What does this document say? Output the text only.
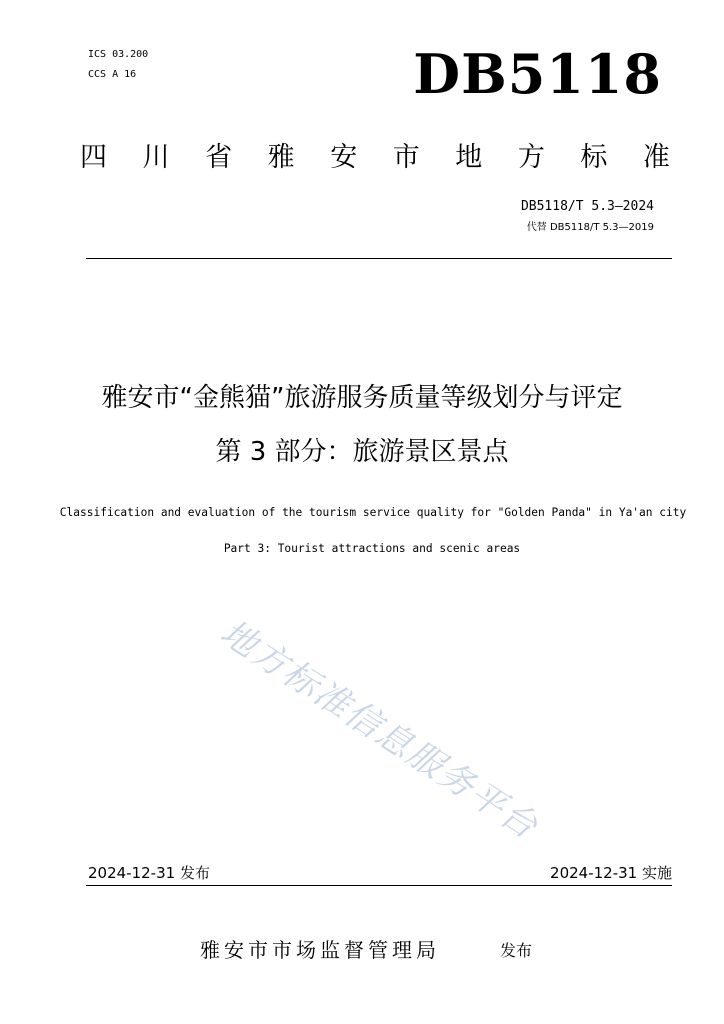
ICS 03.200
CCS A 16	DB5118
四 川 省 雅 安 市 地 方 标 准
DB5118/T 5.3—2024
代替 DB5118/T 5.3—2019
雅安市“金熊猫”旅游服务质量等级划分与评定
第 3 部分：旅游景区景点
Classification and evaluation of the tourism service quality for "Golden Panda" in Ya'an city
Part 3: Tourist attractions and scenic areas
地方标准信息服务平台
2024-12-31 发布	2024-12-31 实施
雅安市市场监督管理局	发布
